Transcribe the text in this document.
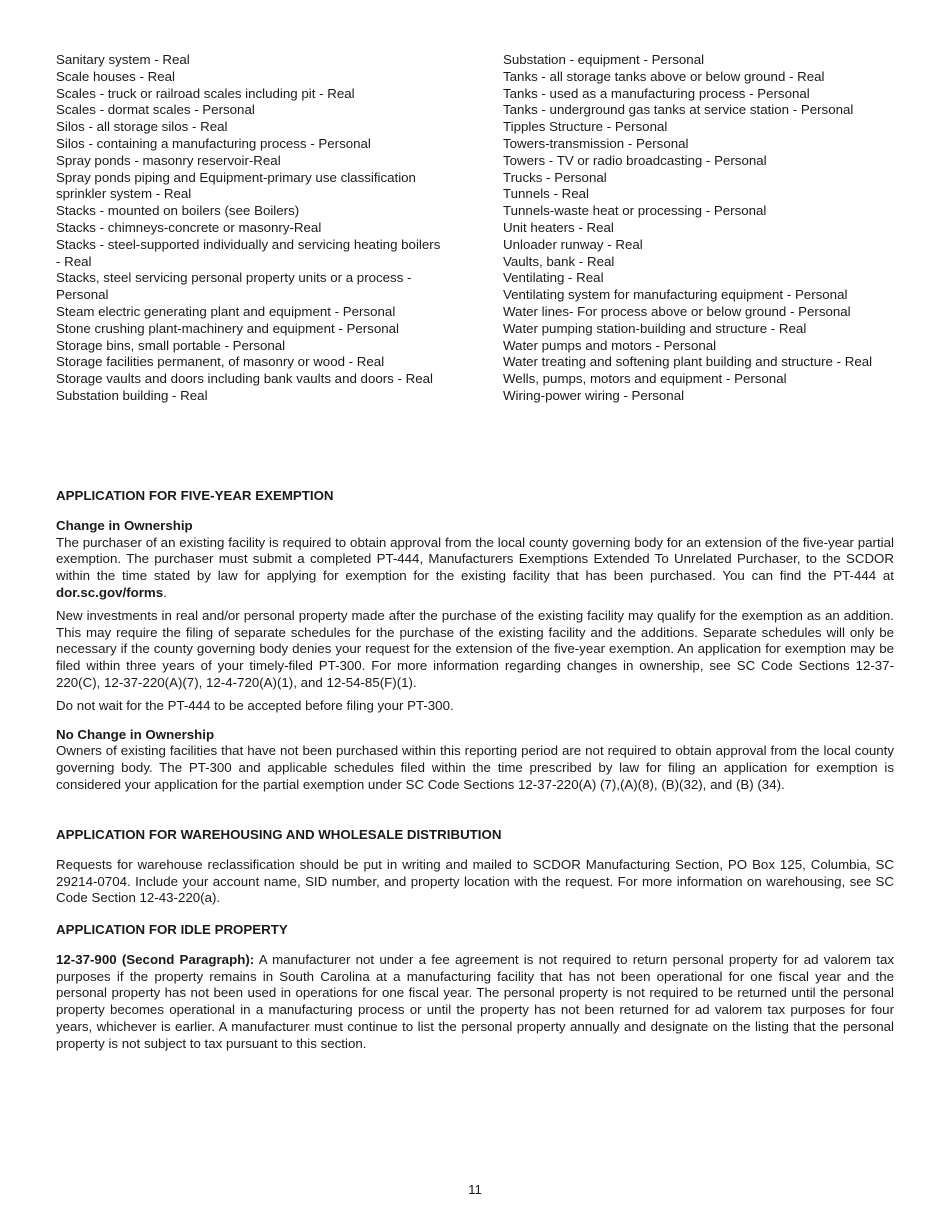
Sanitary system - Real
Scale houses - Real
Scales - truck or railroad scales including pit - Real
Scales - dormat scales - Personal
Silos - all storage silos - Real
Silos - containing a manufacturing process - Personal
Spray ponds - masonry reservoir-Real
Spray ponds piping and Equipment-primary use classification sprinkler system - Real
Stacks - mounted on boilers (see Boilers)
Stacks - chimneys-concrete or masonry-Real
Stacks - steel-supported individually and servicing heating boilers - Real
Stacks, steel servicing personal property units or a process - Personal
Steam electric generating plant and equipment - Personal
Stone crushing plant-machinery and equipment - Personal
Storage bins, small portable - Personal
Storage facilities permanent, of masonry or wood - Real
Storage vaults and doors including bank vaults and doors - Real
Substation building - Real
Substation - equipment - Personal
Tanks - all storage tanks above or below ground - Real
Tanks - used as a manufacturing process - Personal
Tanks - underground gas tanks at service station - Personal
Tipples Structure - Personal
Towers-transmission - Personal
Towers - TV or radio broadcasting - Personal
Trucks - Personal
Tunnels - Real
Tunnels-waste heat or processing - Personal
Unit heaters - Real
Unloader runway - Real
Vaults, bank - Real
Ventilating - Real
Ventilating system for manufacturing equipment - Personal
Water lines- For process above or below ground - Personal
Water pumping station-building and structure - Real
Water pumps and motors - Personal
Water treating and softening plant building and structure - Real
Wells, pumps, motors and equipment - Personal
Wiring-power wiring - Personal

APPLICATION FOR FIVE-YEAR EXEMPTION

Change in Ownership

The purchaser of an existing facility is required to obtain approval from the local county governing body for an extension of the five-year partial exemption. The purchaser must submit a completed PT-444, Manufacturers Exemptions Extended To Unrelated Purchaser, to the SCDOR within the time stated by law for applying for exemption for the existing facility that has been purchased. You can find the PT-444 at dor.sc.gov/forms.

New investments in real and/or personal property made after the purchase of the existing facility may qualify for the exemption as an addition. This may require the filing of separate schedules for the purchase of the existing facility and the additions. Separate schedules will only be necessary if the county governing body denies your request for the extension of the five-year exemption. An application for exemption may be filed within three years of your timely-filed PT-300. For more information regarding changes in ownership, see SC Code Sections 12-37-220(C), 12-37-220(A)(7), 12-4-720(A)(1), and 12-54-85(F)(1).

Do not wait for the PT-444 to be accepted before filing your PT-300.

No Change in Ownership

Owners of existing facilities that have not been purchased within this reporting period are not required to obtain approval from the local county governing body. The PT-300 and applicable schedules filed within the time prescribed by law for filing an application for exemption is considered your application for the partial exemption under SC Code Sections 12-37-220(A) (7),(A)(8), (B)(32), and (B) (34).

APPLICATION FOR WAREHOUSING AND WHOLESALE DISTRIBUTION

Requests for warehouse reclassification should be put in writing and mailed to SCDOR Manufacturing Section, PO Box 125, Columbia, SC 29214-0704. Include your account name, SID number, and property location with the request. For more information on warehousing, see SC Code Section 12-43-220(a).

APPLICATION FOR IDLE PROPERTY

12-37-900 (Second Paragraph): A manufacturer not under a fee agreement is not required to return personal property for ad valorem tax purposes if the property remains in South Carolina at a manufacturing facility that has not been operational for one fiscal year and the personal property has not been used in operations for one fiscal year. The personal property is not required to be returned until the personal property becomes operational in a manufacturing process or until the property has not been returned for ad valorem tax purposes for four years, whichever is earlier. A manufacturer must continue to list the personal property annually and designate on the listing that the personal property is not subject to tax pursuant to this section.

11
